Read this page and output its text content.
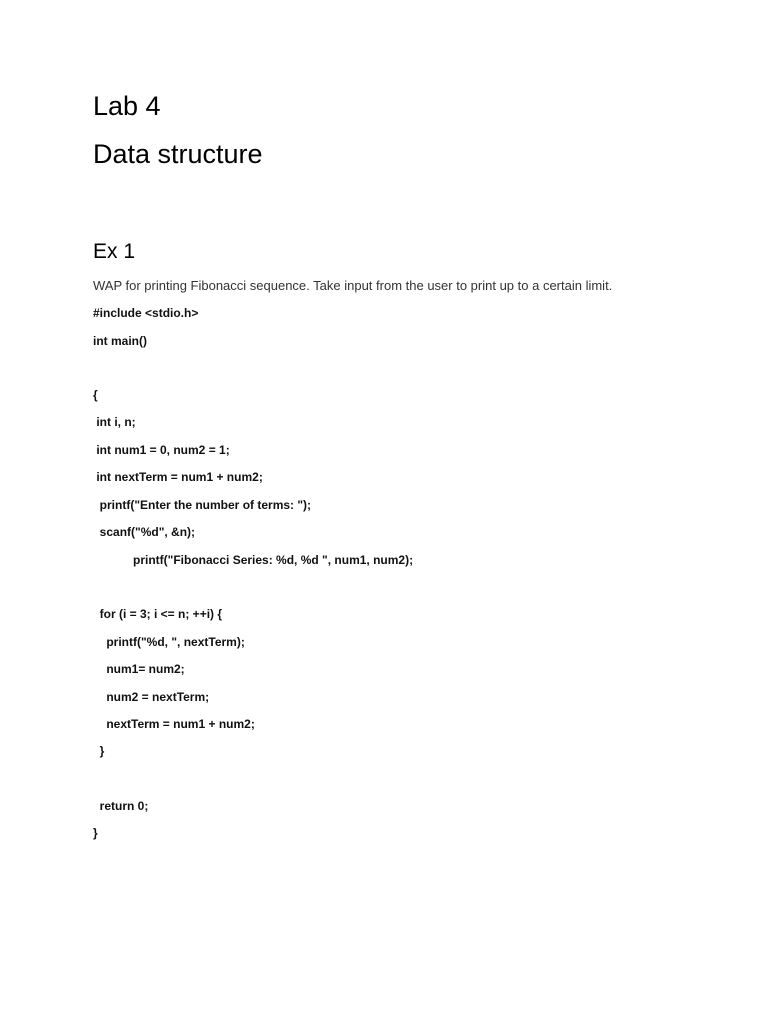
Lab 4
Data structure
Ex 1

WAP for printing Fibonacci sequence. Take input from the user to print up to a certain limit.

#include <stdio.h>

int main()

{

int i, n;

int num1 = 0, num2 = 1;

int nextTerm = num1 + num2;

printf("Enter the number of terms: ");

scanf("%d", &n);

printf("Fibonacci Series: %d, %d ", num1, num2);

for (i = 3; i <= n; ++i) {

printf("%d, ", nextTerm);

num1= num2;

num2 = nextTerm;

nextTerm = num1 + num2;

}

return 0;

}
